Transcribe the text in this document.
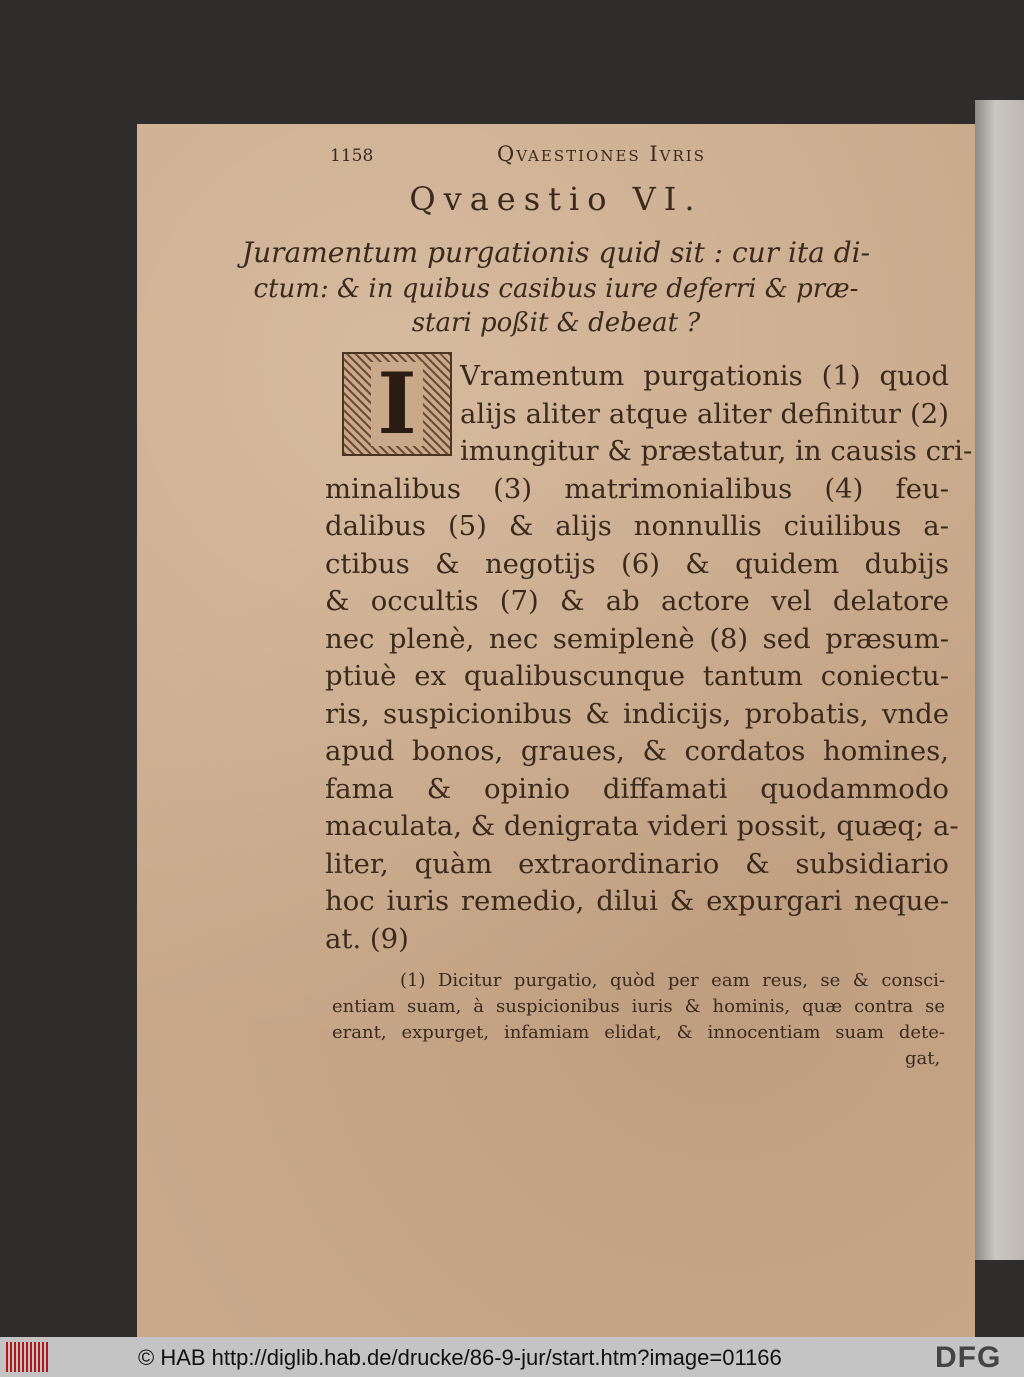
1158	Qvaestiones Ivris
Qvaestio VI.
Juramentum purgationis quid sit : cur ita di-
ctum: & in quibus casibus iure deferri & præ-
stari poßit & debeat ?
I Vramentum purgationis (1) quod
alijs aliter atque aliter definitur (2)
imungitur & præstatur, in causis cri-
minalibus (3) matrimonialibus (4) feu-
dalibus (5) & alijs nonnullis ciuilibus a-
ctibus & negotijs (6) & quidem dubijs
& occultis (7) & ab actore vel delatore
nec plenè, nec semiplenè (8) sed præsum-
ptiuè ex qualibuscunque tantum coniectu-
ris, suspicionibus & indicijs, probatis, vnde
apud bonos, graues, & cordatos homines,
fama & opinio diffamati quodammodo
maculata, & denigrata videri possit, quæq; a-
liter, quàm extraordinario & subsidiario
hoc iuris remedio, dilui & expurgari neque-
at. (9)
(1) Dicitur purgatio, quòd per eam reus, se & consci-
entiam suam, à suspicionibus iuris & hominis, quæ contra se
erant, expurget, infamiam elidat, & innocentiam suam dete-
gat,
© HAB http://diglib.hab.de/drucke/86-9-jur/start.htm?image=01166	DFG
